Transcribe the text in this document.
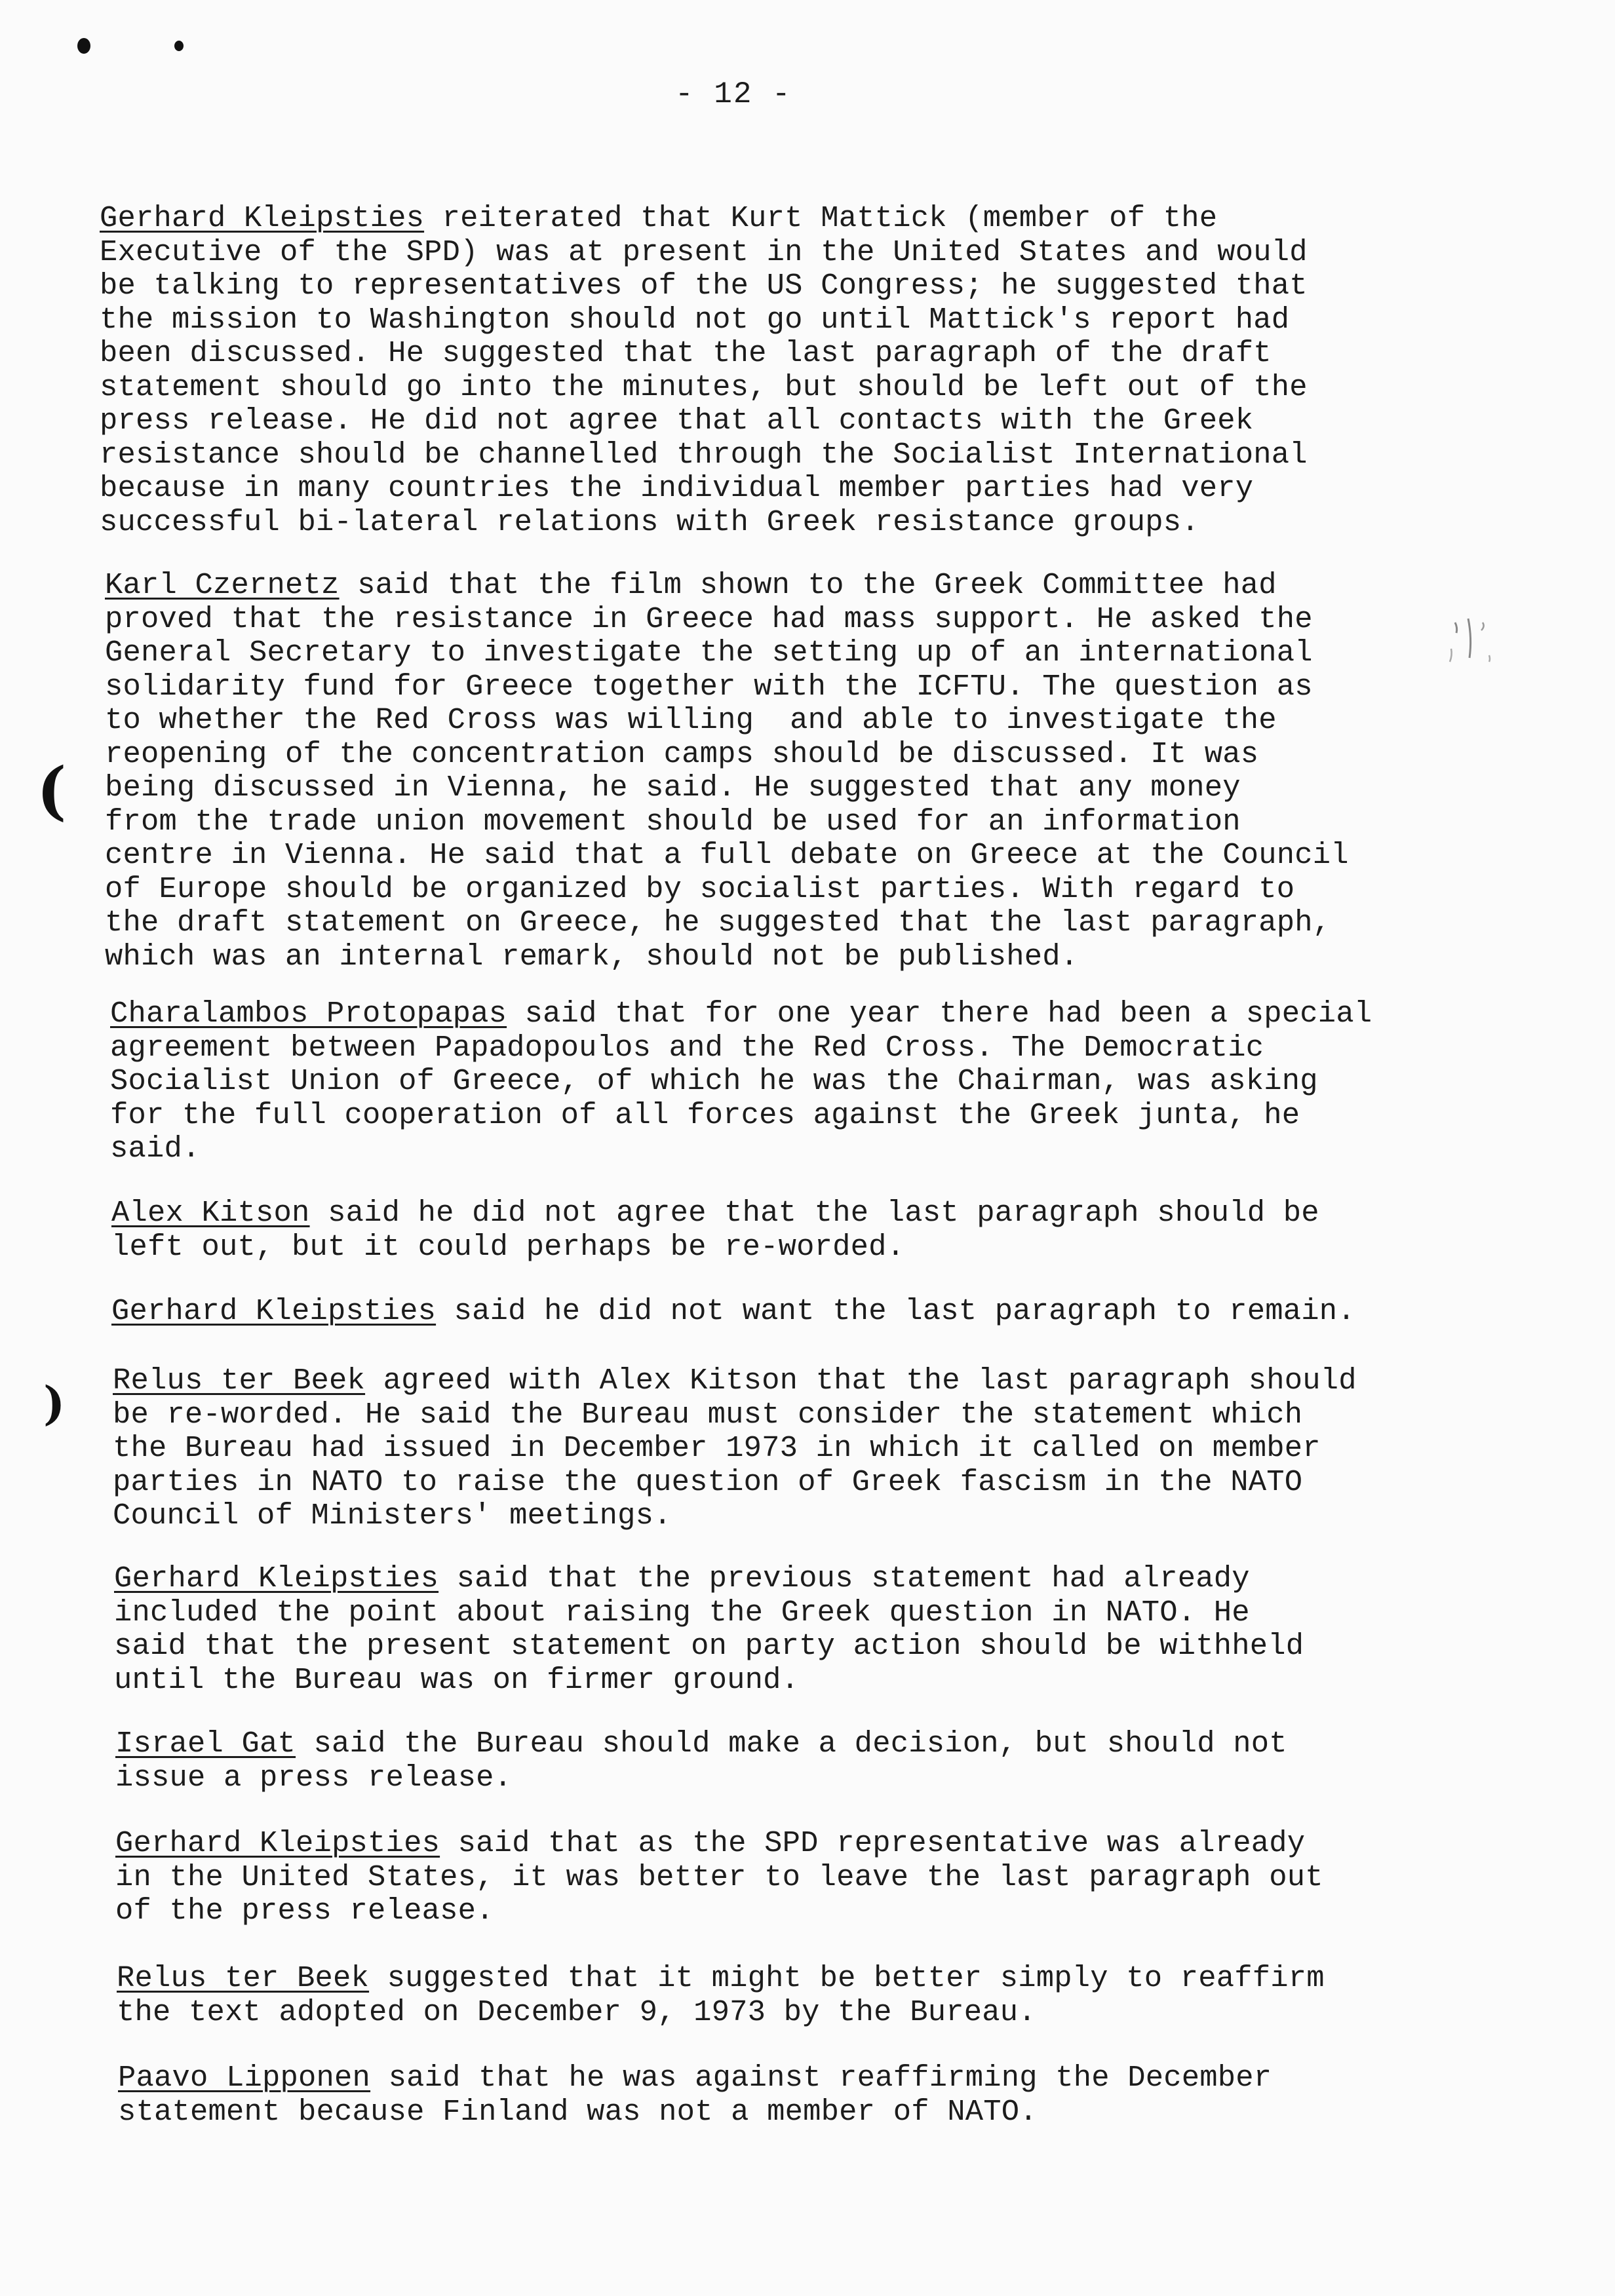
- 12 -
(
(
Gerhard Kleipsties reiterated that Kurt Mattick (member of the
Executive of the SPD) was at present in the United States and would
be talking to representatives of the US Congress; he suggested that
the mission to Washington should not go until Mattick's report had
been discussed. He suggested that the last paragraph of the draft
statement should go into the minutes, but should be left out of the
press release. He did not agree that all contacts with the Greek
resistance should be channelled through the Socialist International
because in many countries the individual member parties had very
successful bi-lateral relations with Greek resistance groups.
Karl Czernetz said that the film shown to the Greek Committee had
proved that the resistance in Greece had mass support. He asked the
General Secretary to investigate the setting up of an international
solidarity fund for Greece together with the ICFTU. The question as
to whether the Red Cross was willing  and able to investigate the
reopening of the concentration camps should be discussed. It was
being discussed in Vienna, he said. He suggested that any money
from the trade union movement should be used for an information
centre in Vienna. He said that a full debate on Greece at the Council
of Europe should be organized by socialist parties. With regard to
the draft statement on Greece, he suggested that the last paragraph,
which was an internal remark, should not be published.
Charalambos Protopapas said that for one year there had been a special
agreement between Papadopoulos and the Red Cross. The Democratic
Socialist Union of Greece, of which he was the Chairman, was asking
for the full cooperation of all forces against the Greek junta, he
said.
Alex Kitson said he did not agree that the last paragraph should be
left out, but it could perhaps be re-worded.
Gerhard Kleipsties said he did not want the last paragraph to remain.
Relus ter Beek agreed with Alex Kitson that the last paragraph should
be re-worded. He said the Bureau must consider the statement which
the Bureau had issued in December 1973 in which it called on member
parties in NATO to raise the question of Greek fascism in the NATO
Council of Ministers' meetings.
Gerhard Kleipsties said that the previous statement had already
included the point about raising the Greek question in NATO. He
said that the present statement on party action should be withheld
until the Bureau was on firmer ground.
Israel Gat said the Bureau should make a decision, but should not
issue a press release.
Gerhard Kleipsties said that as the SPD representative was already
in the United States, it was better to leave the last paragraph out
of the press release.
Relus ter Beek suggested that it might be better simply to reaffirm
the text adopted on December 9, 1973 by the Bureau.
Paavo Lipponen said that he was against reaffirming the December
statement because Finland was not a member of NATO.
